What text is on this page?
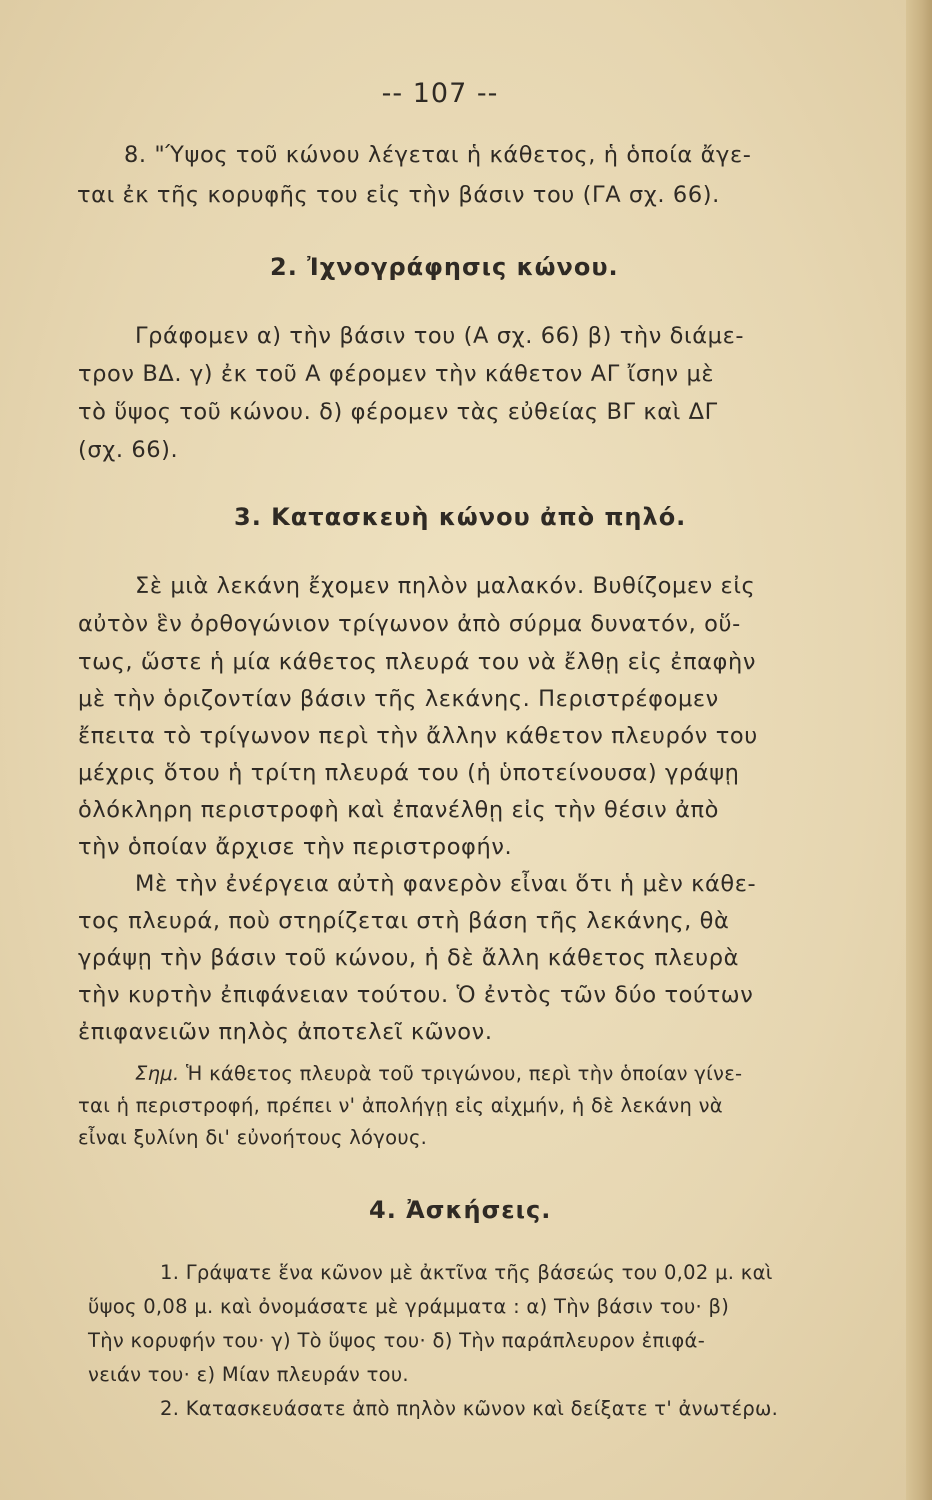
-- 107 --
8. "Ύψος τοῦ κώνου λέγεται ἡ κάθετος, ἡ ὁποία ἄγε-
ται ἐκ τῆς κορυφῆς του εἰς τὴν βάσιν του (ΓΑ σχ. 66).
2. Ἰχνογράφησις κώνου.
Γράφομεν α) τὴν βάσιν του (Α σχ. 66) β) τὴν διάμε-
τρον ΒΔ. γ) ἐκ τοῦ Α φέρομεν τὴν κάθετον ΑΓ ἴσην μὲ
τὸ ὕψος τοῦ κώνου. δ) φέρομεν τὰς εὐθείας ΒΓ καὶ ΔΓ
(σχ. 66).
3. Κατασκευὴ κώνου ἀπὸ πηλό.
Σὲ μιὰ λεκάνη ἔχομεν πηλὸν μαλακόν. Βυθίζομεν εἰς
αὐτὸν ἓν ὀρθογώνιον τρίγωνον ἀπὸ σύρμα δυνατόν, οὕ-
τως, ὥστε ἡ μία κάθετος πλευρά του νὰ ἔλθῃ εἰς ἐπαφὴν
μὲ τὴν ὁριζοντίαν βάσιν τῆς λεκάνης. Περιστρέφομεν
ἔπειτα τὸ τρίγωνον περὶ τὴν ἄλλην κάθετον πλευρόν του
μέχρις ὅτου ἡ τρίτη πλευρά του (ἡ ὑποτείνουσα) γράψῃ
ὁλόκληρη περιστροφὴ καὶ ἐπανέλθῃ εἰς τὴν θέσιν ἀπὸ
τὴν ὁποίαν ἄρχισε τὴν περιστροφήν.
Μὲ τὴν ἐνέργεια αὐτὴ φανερὸν εἶναι ὅτι ἡ μὲν κάθε-
τος πλευρά, ποὺ στηρίζεται στὴ βάση τῆς λεκάνης, θὰ
γράψῃ τὴν βάσιν τοῦ κώνου, ἡ δὲ ἄλλη κάθετος πλευρὰ
τὴν κυρτὴν ἐπιφάνειαν τούτου. Ὁ ἐντὸς τῶν δύο τούτων
ἐπιφανειῶν πηλὸς ἀποτελεῖ κῶνον.
Σημ. Ἡ κάθετος πλευρὰ τοῦ τριγώνου, περὶ τὴν ὁποίαν γίνε-
ται ἡ περιστροφή, πρέπει ν' ἀπολήγῃ εἰς αἰχμήν, ἡ δὲ λεκάνη νὰ
εἶναι ξυλίνη δι' εὐνοήτους λόγους.
4. Ἀσκήσεις.
1. Γράψατε ἕνα κῶνον μὲ ἀκτῖνα τῆς βάσεώς του 0,02 μ. καὶ
ὕψος 0,08 μ. καὶ ὀνομάσατε μὲ γράμματα : α) Τὴν βάσιν του· β)
Τὴν κορυφήν του· γ) Τὸ ὕψος του· δ) Τὴν παράπλευρον ἐπιφά-
νειάν του· ε) Μίαν πλευράν του.
2. Κατασκευάσατε ἀπὸ πηλὸν κῶνον καὶ δείξατε τ' ἀνωτέρω.
